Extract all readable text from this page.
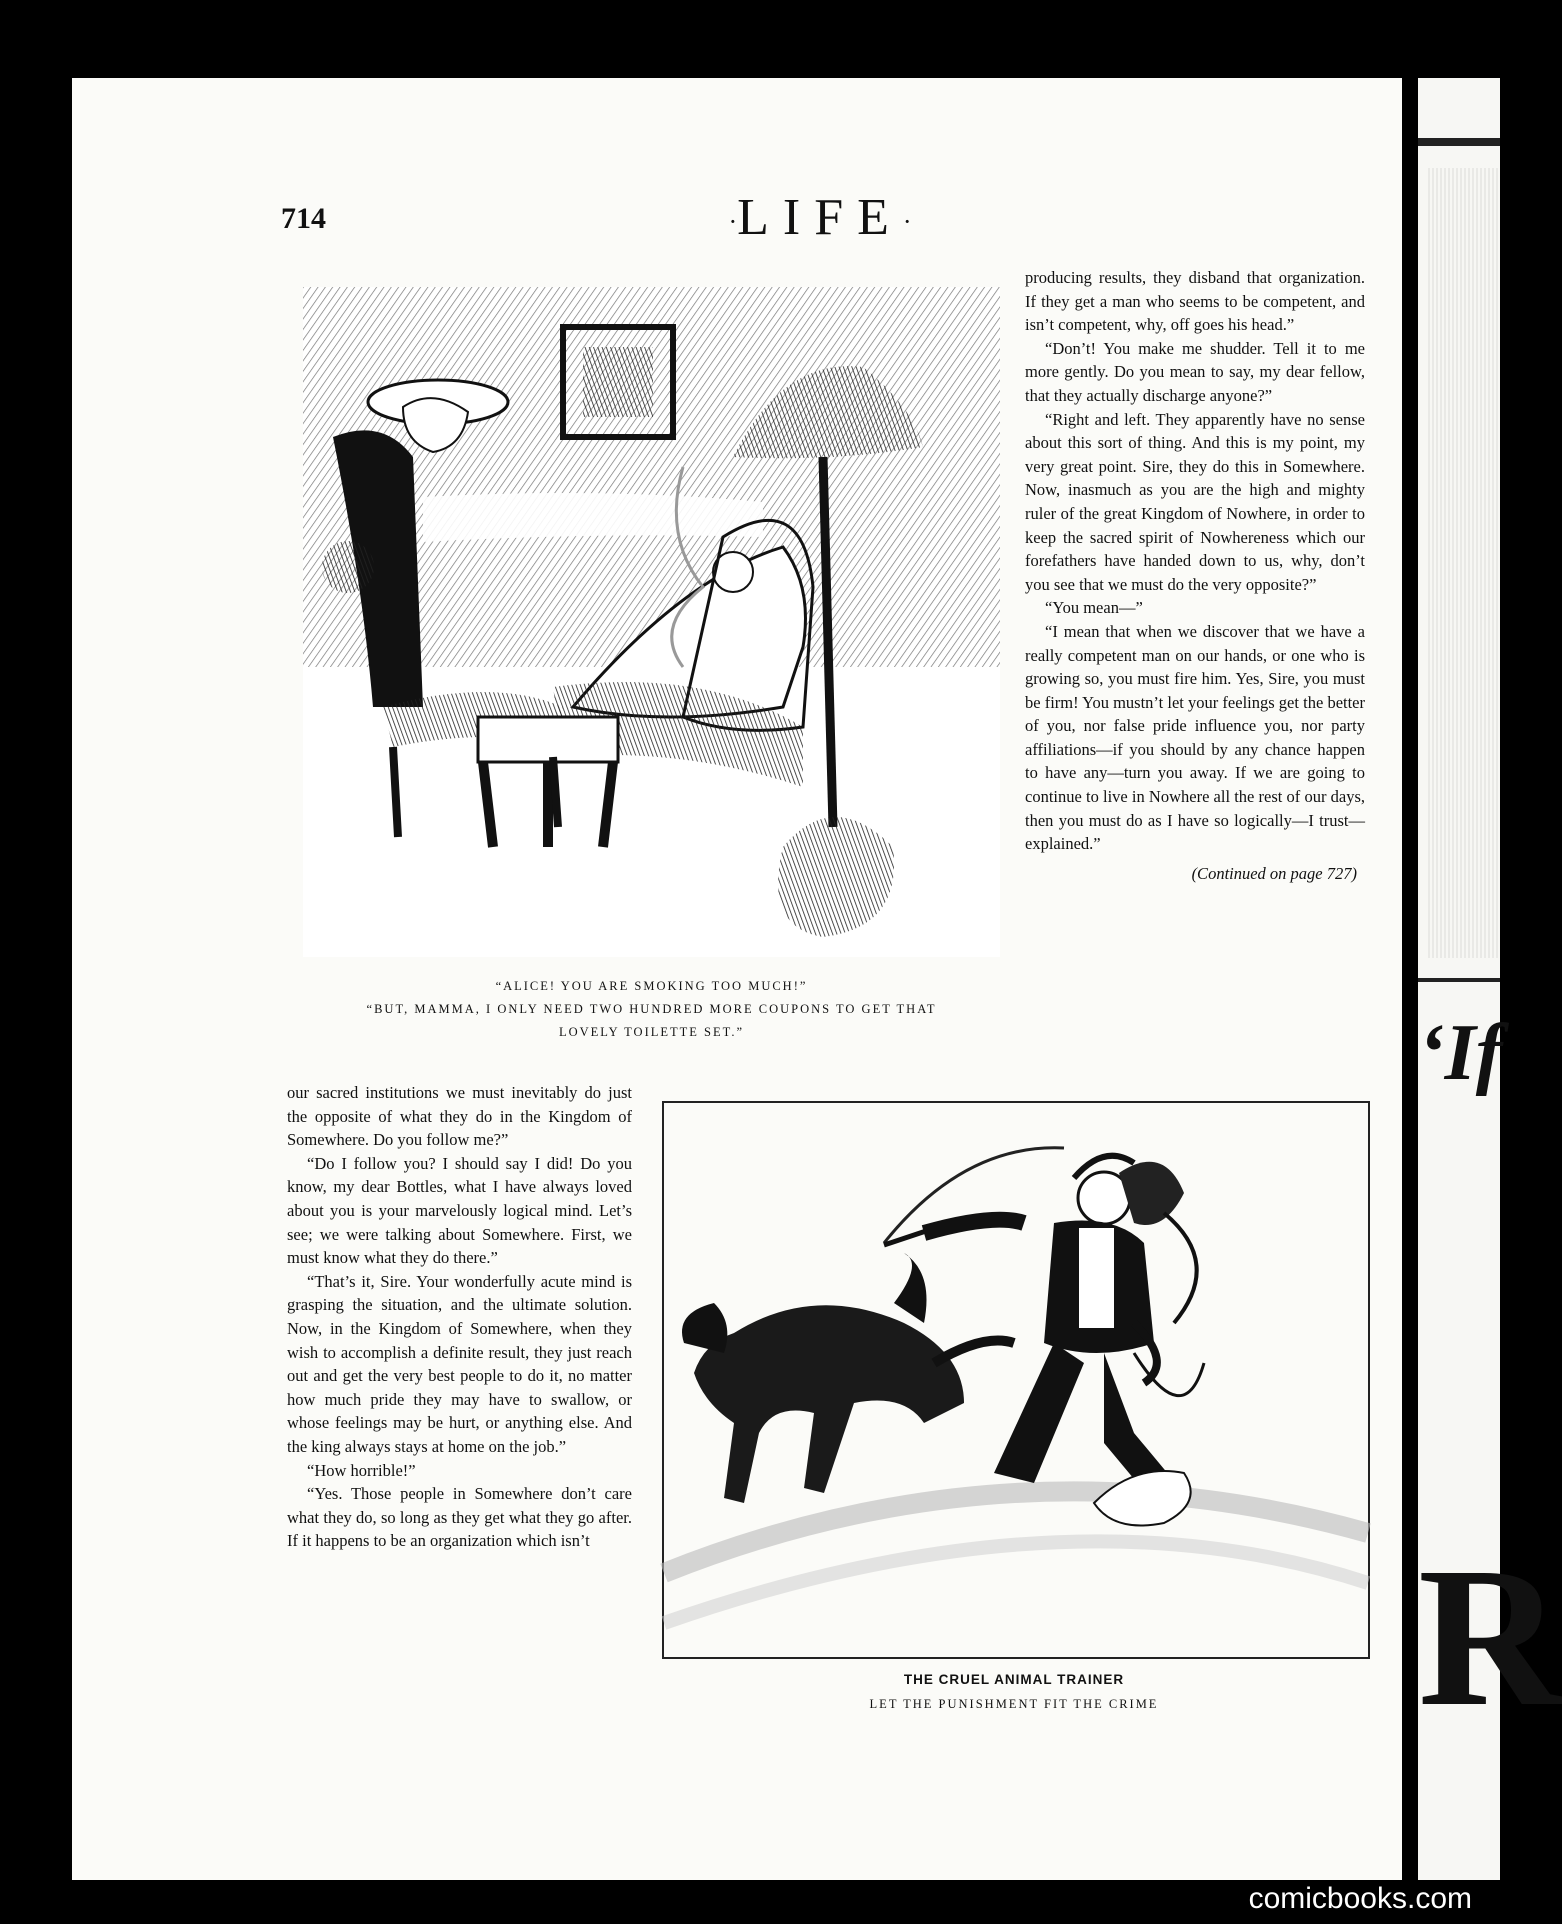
‘If
R
714	·LIFE·
“ALICE! YOU ARE SMOKING TOO MUCH!”
“BUT, MAMMA, I ONLY NEED TWO HUNDRED MORE COUPONS TO GET THAT
LOVELY TOILETTE SET.”

producing results, they disband that organization. If they get a man who seems to be competent, and isn’t competent, why, off goes his head.”

“Don’t! You make me shudder. Tell it to me more gently. Do you mean to say, my dear fellow, that they actually discharge anyone?”

“Right and left. They apparently have no sense about this sort of thing. And this is my point, my very great point. Sire, they do this in Somewhere. Now, inasmuch as you are the high and mighty ruler of the great Kingdom of Nowhere, in order to keep the sacred spirit of Nowhereness which our forefathers have handed down to us, why, don’t you see that we must do the very opposite?”

“You mean—”

“I mean that when we discover that we have a really competent man on our hands, or one who is growing so, you must fire him. Yes, Sire, you must be firm! You mustn’t let your feelings get the better of you, nor false pride influence you, nor party affiliations—if you should by any chance happen to have any—turn you away. If we are going to continue to live in Nowhere all the rest of our days, then you must do as I have so logically—I trust—explained.”

(Continued on page 727)

our sacred institutions we must inevitably do just the opposite of what they do in the Kingdom of Somewhere. Do you follow me?”

“Do I follow you? I should say I did! Do you know, my dear Bottles, what I have always loved about you is your marvelously logical mind. Let’s see; we were talking about Somewhere. First, we must know what they do there.”

“That’s it, Sire. Your wonderfully acute mind is grasping the situation, and the ultimate solution. Now, in the Kingdom of Somewhere, when they wish to accomplish a definite result, they just reach out and get the very best people to do it, no matter how much pride they may have to swallow, or whose feelings may be hurt, or anything else. And the king always stays at home on the job.”

“How horrible!”

“Yes. Those people in Somewhere don’t care what they do, so long as they get what they go after. If it happens to be an organization which isn’t

THE CRUEL ANIMAL TRAINER
LET THE PUNISHMENT FIT THE CRIME
comicbooks.com
